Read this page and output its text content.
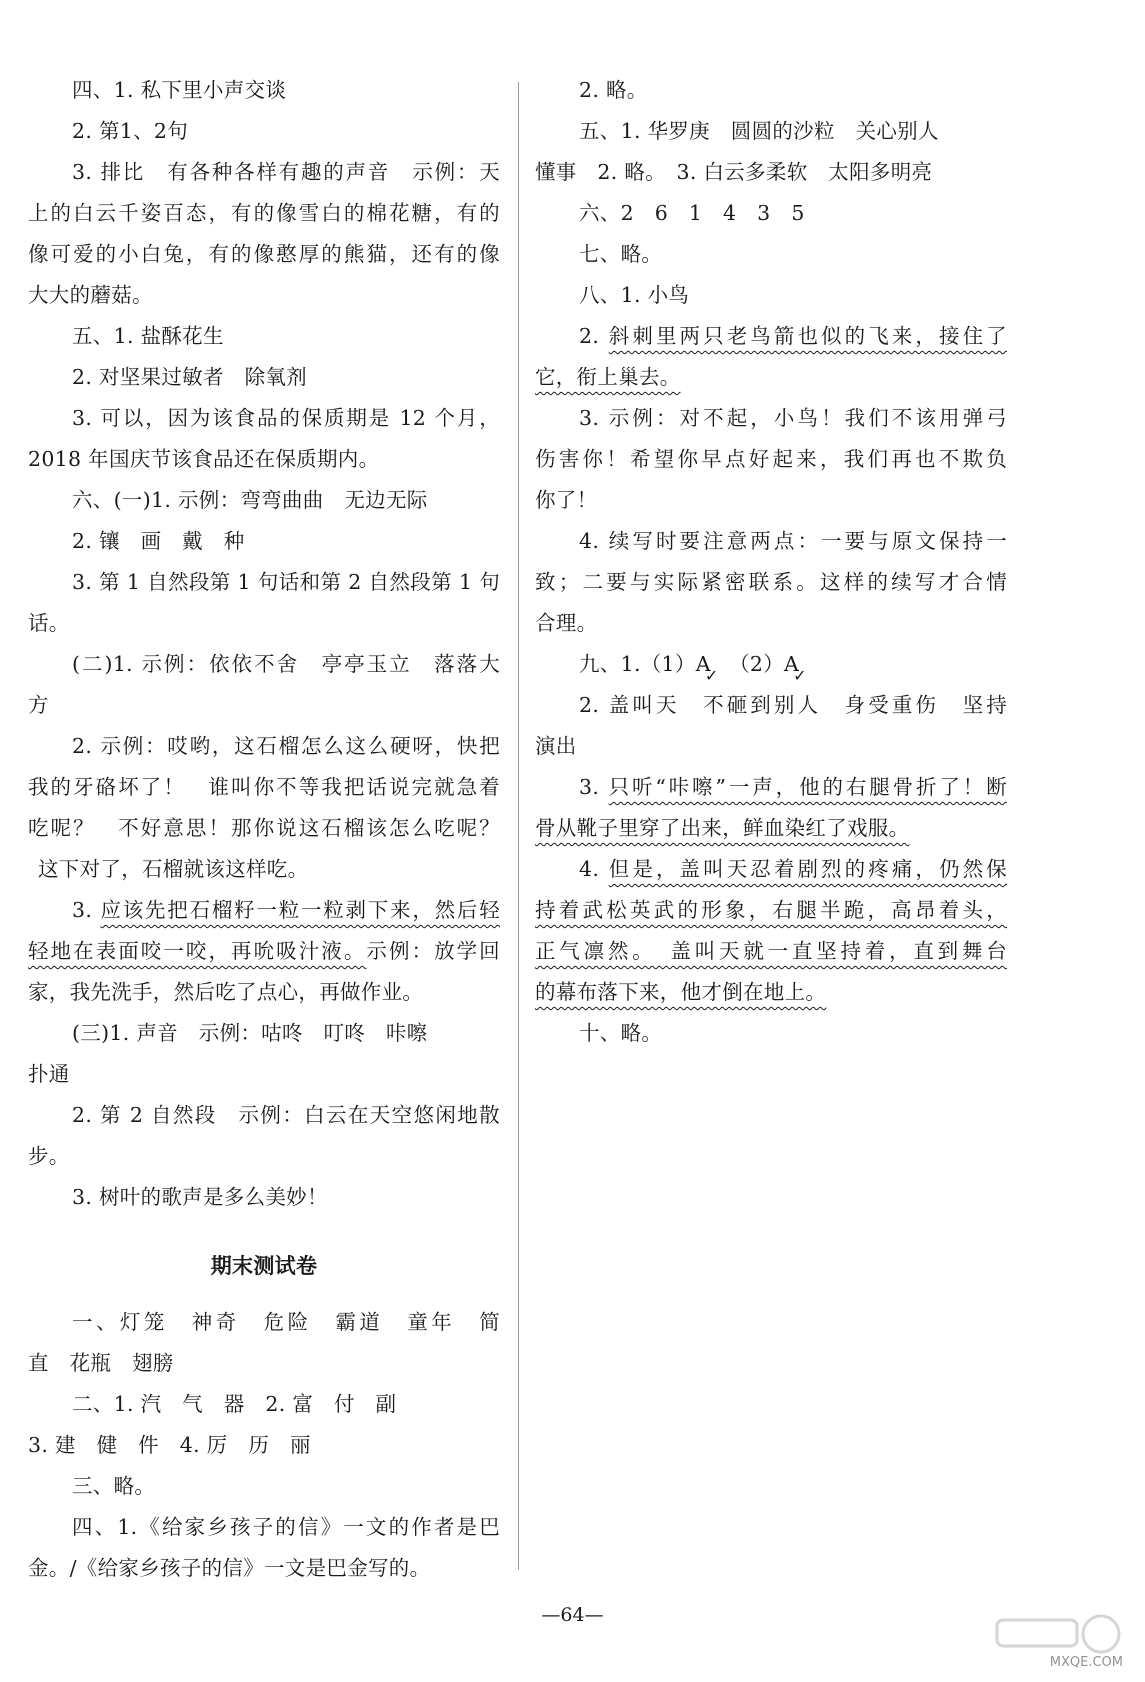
四、1. 私下里小声交谈
2. 第1、2句
3. 排比　有各种各样有趣的声音　示例：天
上的白云千姿百态，有的像雪白的棉花糖，有的
像可爱的小白兔，有的像憨厚的熊猫，还有的像
大大的蘑菇。
五、1. 盐酥花生
2. 对坚果过敏者　除氧剂
3. 可以，因为该食品的保质期是 12 个月，
2018 年国庆节该食品还在保质期内。
六、(一)1. 示例：弯弯曲曲　无边无际
2. 镶　画　戴　种
3. 第 1 自然段第 1 句话和第 2 自然段第 1 句
话。
(二)1. 示例：依依不舍　亭亭玉立　落落大
方
2. 示例：哎哟，这石榴怎么这么硬呀，快把
我的牙硌坏了！　谁叫你不等我把话说完就急着
吃呢？　不好意思！那你说这石榴该怎么吃呢？
这下对了，石榴就该这样吃。
3. 应该先把石榴籽一粒一粒剥下来，然后轻
轻地在表面咬一咬，再吮吸汁液。示例：放学回
家，我先洗手，然后吃了点心，再做作业。
(三)1. 声音　示例：咕咚　叮咚　咔嚓
扑通
2. 第 2 自然段　示例：白云在天空悠闲地散
步。
3. 树叶的歌声是多么美妙！
期末测试卷
一、灯笼　神奇　危险　霸道　童年　简
直　花瓶　翅膀
二、1. 汽　气　器　2. 富　付　副
3. 建　健　件　4. 厉　历　丽
三、略。
四、1.《给家乡孩子的信》一文的作者是巴
金。/《给家乡孩子的信》一文是巴金写的。
2. 略。
五、1. 华罗庚　圆圆的沙粒　关心别人
懂事　2. 略。　3. 白云多柔软　太阳多明亮
六、2　6　1　4　3　5
七、略。
八、1. 小鸟
2. 斜刺里两只老鸟箭也似的飞来，接住了
它，衔上巢去。
3. 示例：对不起，小鸟！我们不该用弹弓
伤害你！希望你早点好起来，我们再也不欺负
你了！
4. 续写时要注意两点：一要与原文保持一
致；二要与实际紧密联系。这样的续写才合情
合理。
九、$1.(1)A_✓$　$(2)A_✓$
2. 盖叫天　不砸到别人　身受重伤　坚持
演出
3. 只听“咔嚓”一声，他的右腿骨折了！断
骨从靴子里穿了出来，鲜血染红了戏服。
4. 但是，盖叫天忍着剧烈的疼痛，仍然保
持着武松英武的形象，右腿半跪，高昂着头，
正气凛然。　盖叫天就一直坚持着，直到舞台
的幕布落下来，他才倒在地上。
十、略。
—64—
MXQE.COM
